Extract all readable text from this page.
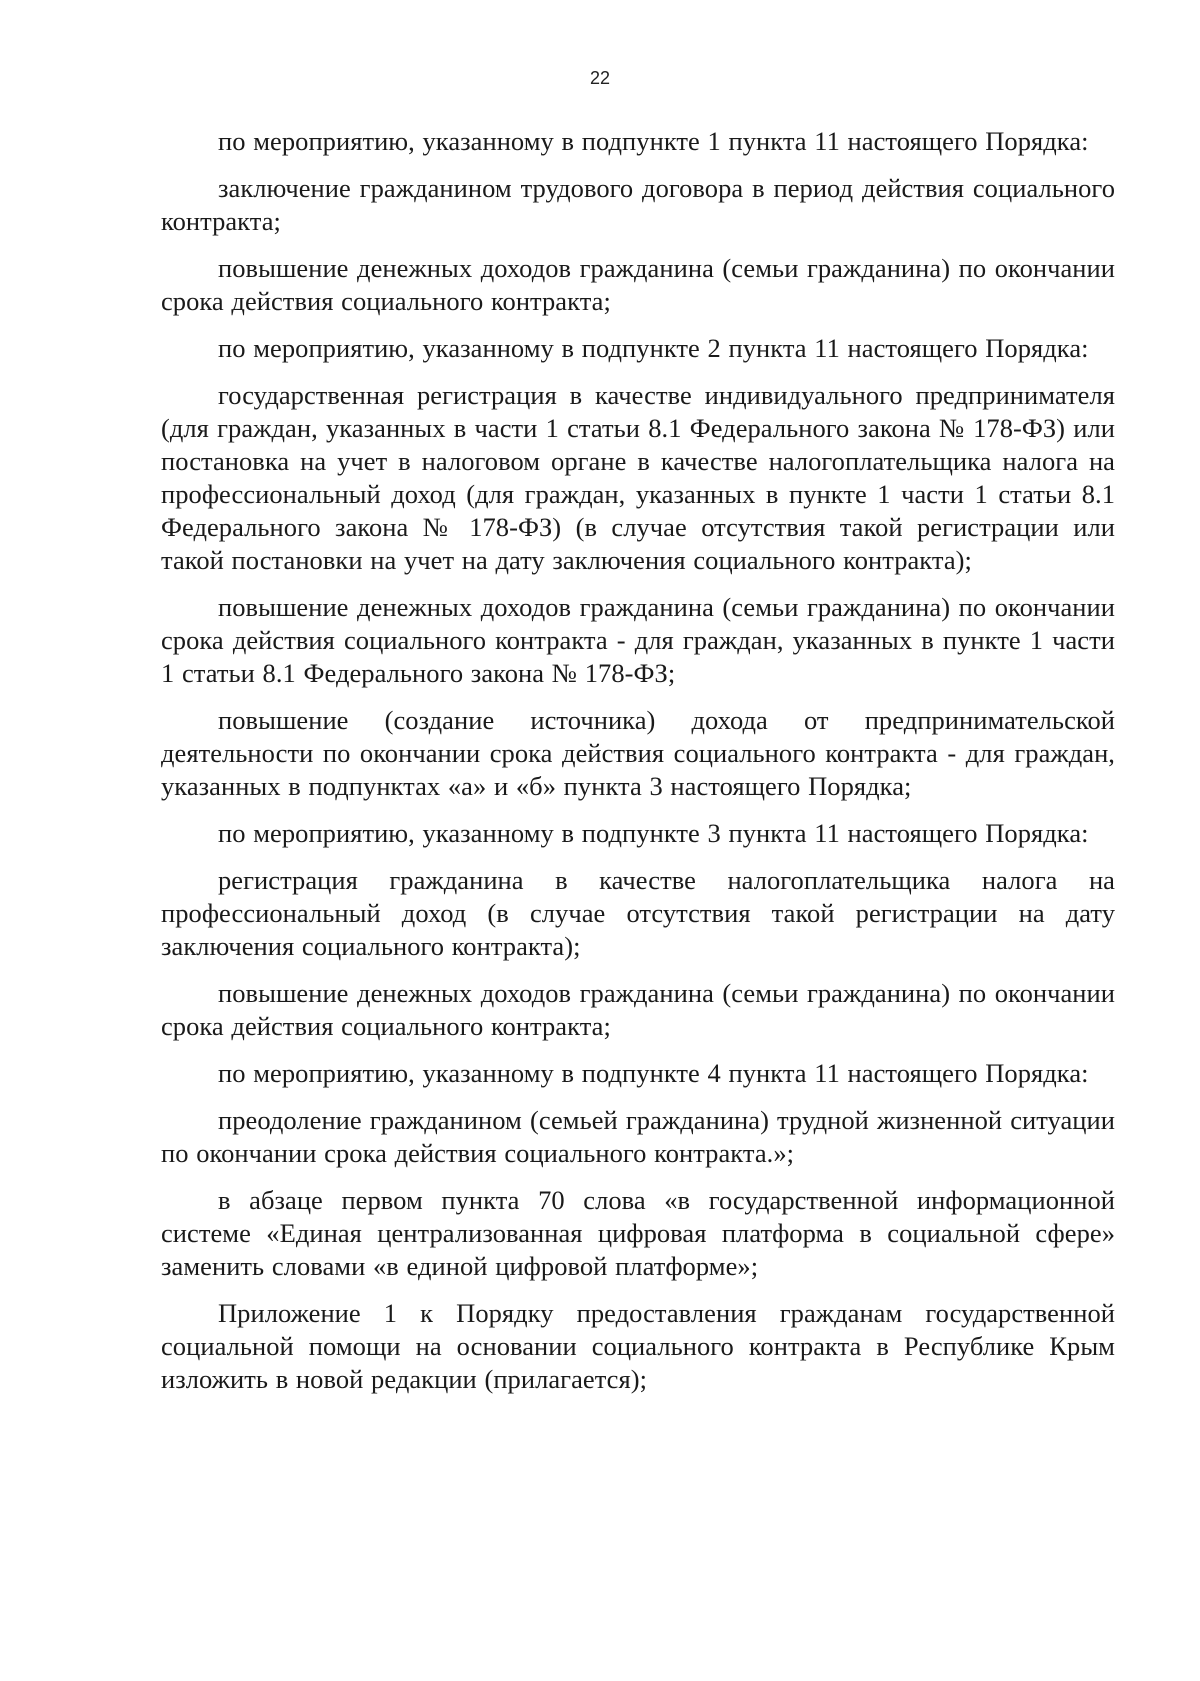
22

по мероприятию, указанному в подпункте 1 пункта 11 настоящего Порядка:

заключение гражданином трудового договора в период действия социального контракта;

повышение денежных доходов гражданина (семьи гражданина) по окончании срока действия социального контракта;

по мероприятию, указанному в подпункте 2 пункта 11 настоящего Порядка:

государственная регистрация в качестве индивидуального предпринимателя (для граждан, указанных в части 1 статьи 8.1 Федерального закона № 178-ФЗ) или постановка на учет в налоговом органе в качестве налогоплательщика налога на профессиональный доход (для граждан, указанных в пункте 1 части 1 статьи 8.1 Федерального закона № 178-ФЗ) (в случае отсутствия такой регистрации или такой постановки на учет на дату заключения социального контракта);

повышение денежных доходов гражданина (семьи гражданина) по окончании срока действия социального контракта - для граждан, указанных в пункте 1 части 1 статьи 8.1 Федерального закона № 178-ФЗ;

повышение (создание источника) дохода от предпринимательской деятельности по окончании срока действия социального контракта - для граждан, указанных в подпунктах «а» и «б» пункта 3 настоящего Порядка;

по мероприятию, указанному в подпункте 3 пункта 11 настоящего Порядка:

регистрация гражданина в качестве налогоплательщика налога на профессиональный доход (в случае отсутствия такой регистрации на дату заключения социального контракта);

повышение денежных доходов гражданина (семьи гражданина) по окончании срока действия социального контракта;

по мероприятию, указанному в подпункте 4 пункта 11 настоящего Порядка:

преодоление гражданином (семьей гражданина) трудной жизненной ситуации по окончании срока действия социального контракта.»;

в абзаце первом пункта 70 слова «в государственной информационной системе «Единая централизованная цифровая платформа в социальной сфере» заменить словами «в единой цифровой платформе»;

Приложение 1 к Порядку предоставления гражданам государственной социальной помощи на основании социального контракта в Республике Крым изложить в новой редакции (прилагается);
